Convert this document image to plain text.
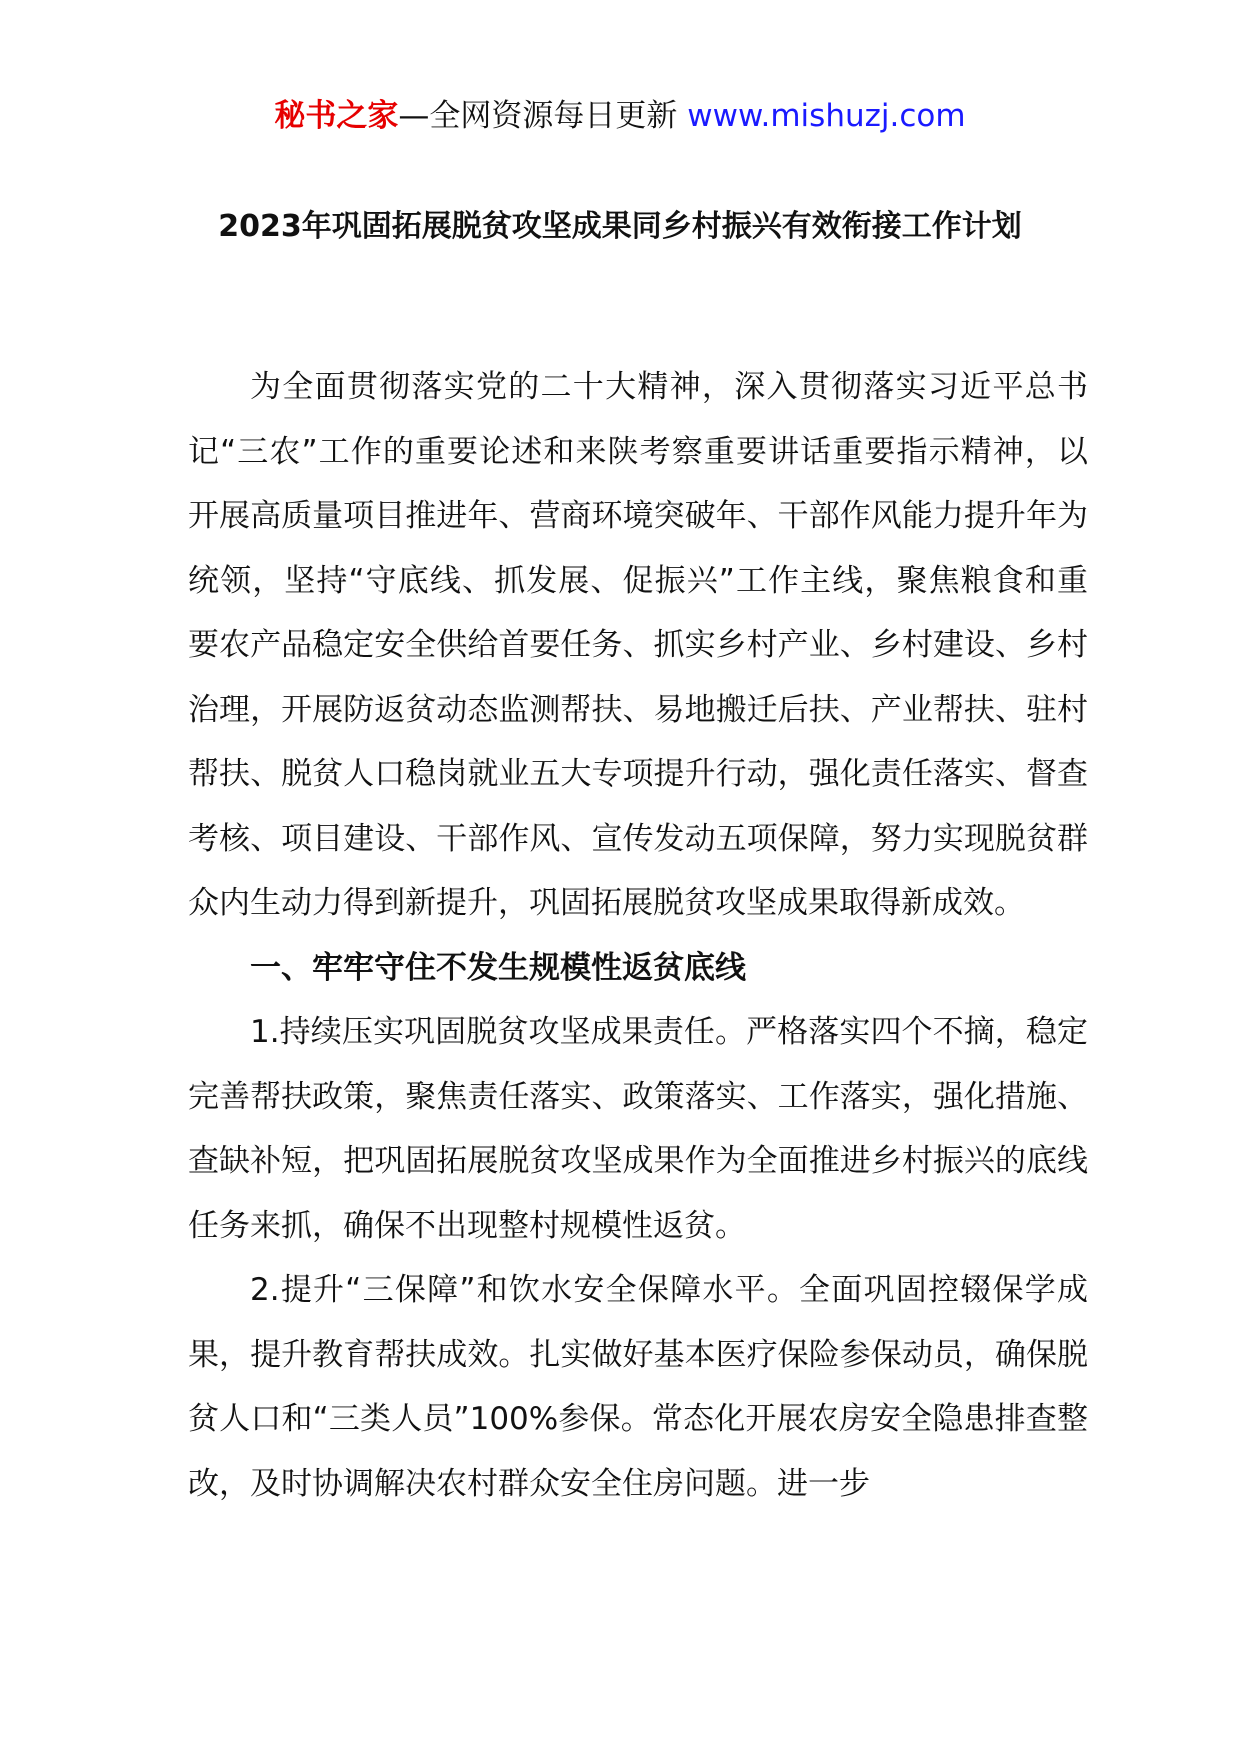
秘书之家—全网资源每日更新 www.mishuzj.com
2023年巩固拓展脱贫攻坚成果同乡村振兴有效衔接工作计划

为全面贯彻落实党的二十大精神，深入贯彻落实习近平总书记“三农”工作的重要论述和来陕考察重要讲话重要指示精神，以开展高质量项目推进年、营商环境突破年、干部作风能力提升年为统领，坚持“守底线、抓发展、促振兴”工作主线，聚焦粮食和重要农产品稳定安全供给首要任务、抓实乡村产业、乡村建设、乡村治理，开展防返贫动态监测帮扶、易地搬迁后扶、产业帮扶、驻村帮扶、脱贫人口稳岗就业五大专项提升行动，强化责任落实、督查考核、项目建设、干部作风、宣传发动五项保障，努力实现脱贫群众内生动力得到新提升，巩固拓展脱贫攻坚成果取得新成效。

一、牢牢守住不发生规模性返贫底线

1.持续压实巩固脱贫攻坚成果责任。严格落实四个不摘，稳定完善帮扶政策，聚焦责任落实、政策落实、工作落实，强化措施、查缺补短，把巩固拓展脱贫攻坚成果作为全面推进乡村振兴的底线任务来抓，确保不出现整村规模性返贫。

2.提升“三保障”和饮水安全保障水平。全面巩固控辍保学成果，提升教育帮扶成效。扎实做好基本医疗保险参保动员，确保脱贫人口和“三类人员”100%参保。常态化开展农房安全隐患排查整改，及时协调解决农村群众安全住房问题。进一步
